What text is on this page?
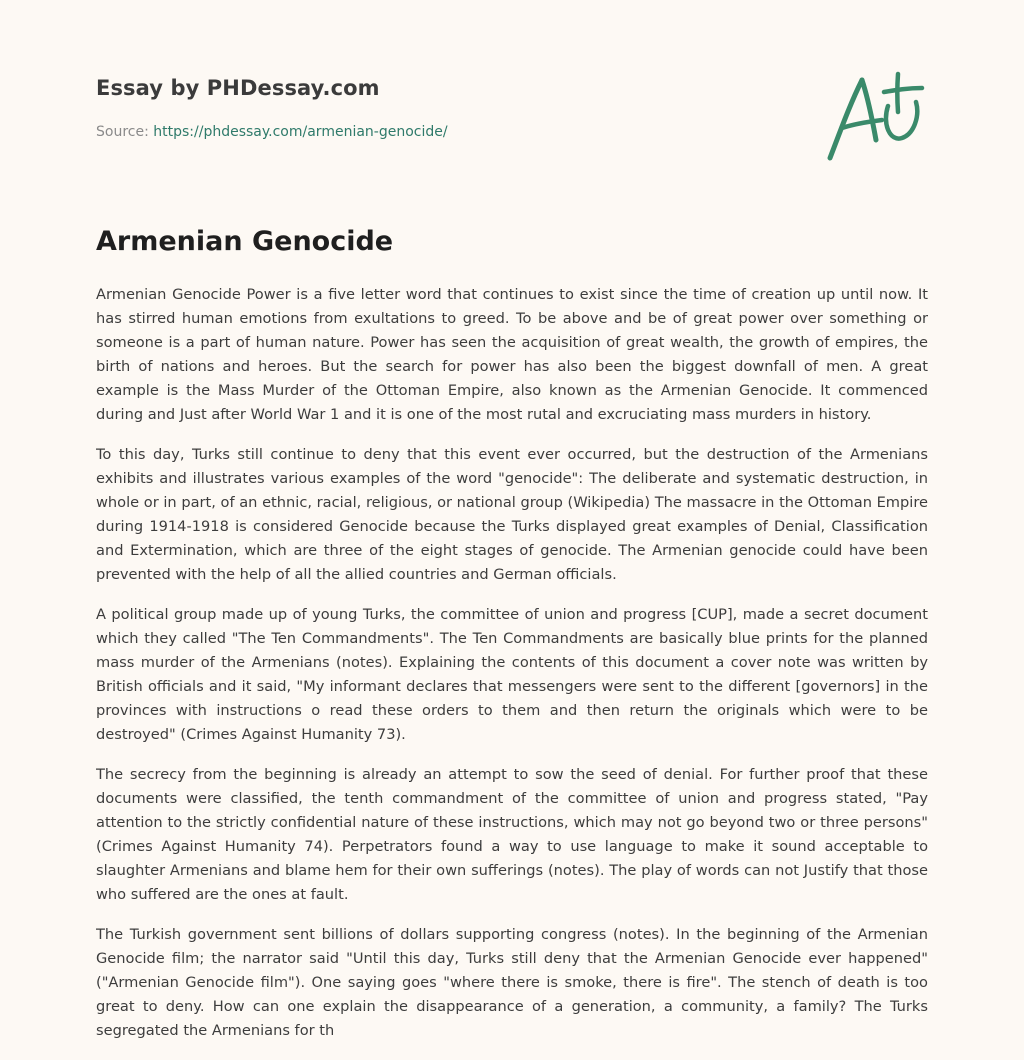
Essay by PHDessay.com
Source: https://phdessay.com/armenian-genocide/
Armenian Genocide

Armenian Genocide Power is a five letter word that continues to exist since the time of creation up until now. It has stirred human emotions from exultations to greed. To be above and be of great power over something or someone is a part of human nature. Power has seen the acquisition of great wealth, the growth of empires, the birth of nations and heroes. But the search for power has also been the biggest downfall of men. A great example is the Mass Murder of the Ottoman Empire, also known as the Armenian Genocide. It commenced during and Just after World War 1 and it is one of the most rutal and excruciating mass murders in history.

To this day, Turks still continue to deny that this event ever occurred, but the destruction of the Armenians exhibits and illustrates various examples of the word "genocide": The deliberate and systematic destruction, in whole or in part, of an ethnic, racial, religious, or national group (Wikipedia) The massacre in the Ottoman Empire during 1914-1918 is considered Genocide because the Turks displayed great examples of Denial, Classification and Extermination, which are three of the eight stages of genocide. The Armenian genocide could have been prevented with the help of all the allied countries and German officials.

A political group made up of young Turks, the committee of union and progress [CUP], made a secret document which they called "The Ten Commandments". The Ten Commandments are basically blue prints for the planned mass murder of the Armenians (notes). Explaining the contents of this document a cover note was written by British officials and it said, "My informant declares that messengers were sent to the different [governors] in the provinces with instructions o read these orders to them and then return the originals which were to be destroyed" (Crimes Against Humanity 73).

The secrecy from the beginning is already an attempt to sow the seed of denial. For further proof that these documents were classified, the tenth commandment of the committee of union and progress stated, "Pay attention to the strictly confidential nature of these instructions, which may not go beyond two or three persons" (Crimes Against Humanity 74). Perpetrators found a way to use language to make it sound acceptable to slaughter Armenians and blame hem for their own sufferings (notes). The play of words can not Justify that those who suffered are the ones at fault.

The Turkish government sent billions of dollars supporting congress (notes). In the beginning of the Armenian Genocide film; the narrator said "Until this day, Turks still deny that the Armenian Genocide ever happened" ("Armenian Genocide film"). One saying goes "where there is smoke, there is fire". The stench of death is too great to deny. How can one explain the disappearance of a generation, a community, a family? The Turks segregated the Armenians for th
